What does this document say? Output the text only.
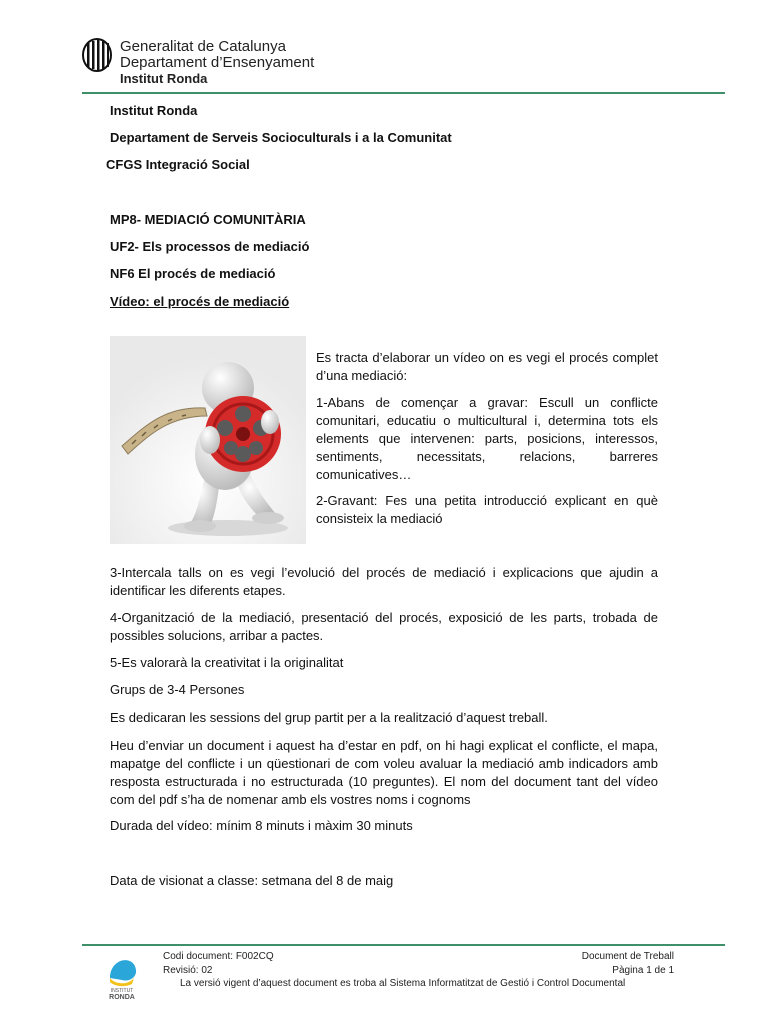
Generalitat de Catalunya
Departament d’Ensenyament
Institut Ronda
Institut Ronda
Departament de Serveis Socioculturals i a la Comunitat
CFGS Integració Social
MP8- MEDIACIÓ COMUNITÀRIA
UF2- Els processos de mediació
NF6 El procés de mediació
Vídeo: el procés de mediació
Es tracta d’elaborar un vídeo on es vegi el procés complet d’una mediació:
1-Abans de començar a gravar: Escull un conflicte comunitari, educatiu o multicultural i, determina tots els elements que intervenen: parts, posicions, interessos, sentiments, necessitats, relacions, barreres comunicatives…
2-Gravant: Fes una petita introducció explicant en què consisteix la mediació
3-Intercala talls on es vegi l’evolució del procés de mediació i explicacions que ajudin a identificar les diferents etapes.
4-Organització de la mediació, presentació del procés, exposició de les parts, trobada de possibles solucions, arribar a pactes.
5-Es valorarà la creativitat i la originalitat
Grups de 3-4 Persones
Es dedicaran les sessions del grup partit per a la realització d’aquest treball.
Heu d’enviar un document i aquest ha d’estar en pdf, on hi hagi explicat el conflicte, el mapa, mapatge del conflicte i un qüestionari de com voleu avaluar la mediació amb indicadors amb resposta estructurada i no estructurada (10 preguntes). El nom del document tant del vídeo com del pdf s’ha de nomenar amb els vostres noms i cognoms
Durada del vídeo: mínim 8 minuts i màxim 30 minuts
Data de visionat a classe: setmana del 8 de maig
INSTITUT
RONDA
Codi document: F002CQ
Revisió: 02
Document de Treball
Pàgina 1 de 1
La versió vigent d’aquest document es troba al Sistema Informatitzat de Gestió i Control Documental
